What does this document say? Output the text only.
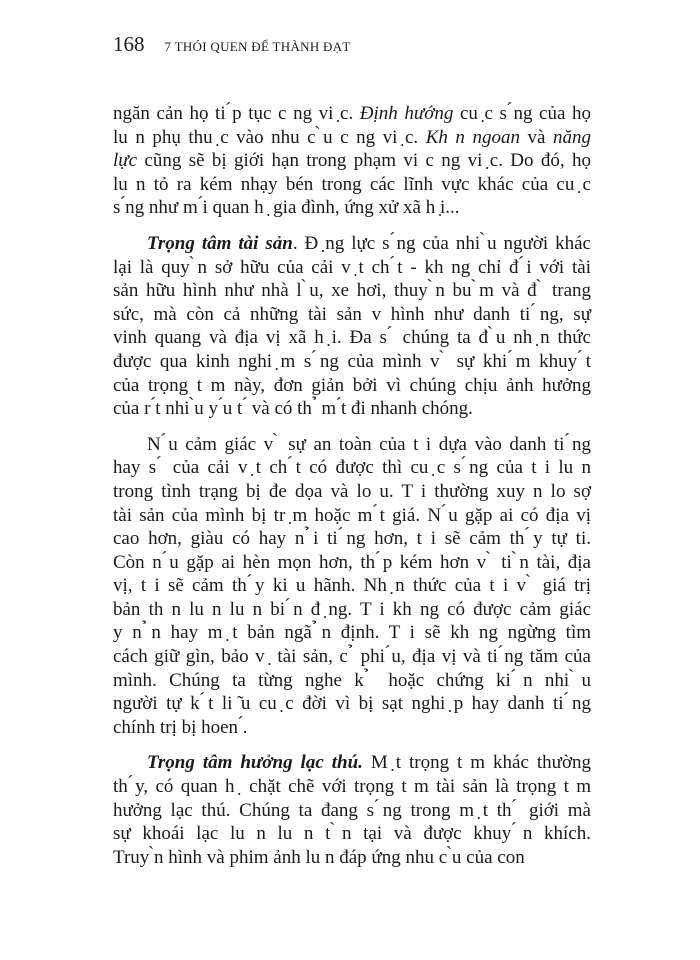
168 7 THÓI QUEN ĐỂ THÀNH ĐẠT
ngăn cản họ ti ́p tục c ng vi ̣c. Định hướng cu ̣c s ́ng của họ
lu n phụ thu ̣c vào nhu c ̀u c ng vi ̣c. Kh n ngoan và năng
lực cũng sẽ bị giới hạn trong phạm vi c ng vi ̣c. Do đó, họ
lu n tỏ ra kém nhạy bén trong các lĩnh vực khác của cu ̣c
s ́ng như m ́i quan h ̣ gia đình, ứng xử xã h ̣i...
Trọng tâm tài sản. Đ ̣ng lực s ́ng của nhi ̀u người khác
lại là quy ̀n sở hữu của cải v ̣t ch ́t - kh ng chỉ đ ́i với tài
sản hữu hình như nhà l ̀u, xe hơi, thuy ̀n bu ̀m và đ ̀ trang
sức, mà còn cả những tài sản v hình như danh ti ́ng, sự
vinh quang và địa vị xã h ̣i. Đa s ́ chúng ta đ ̀u nh ̣n thức
được qua kinh nghi ̣m s ́ng của mình v ̀ sự khi ́m khuy ́t
của trọng t m này, đơn giản bởi vì chúng chịu ảnh hưởng
của r ́t nhi ̀u y ́u t ́ và có th ̉ m ́t đi nhanh chóng.
N ́u cảm giác v ̀ sự an toàn của t i dựa vào danh ti ́ng
hay s ́ của cải v ̣t ch ́t có được thì cu ̣c s ́ng của t i lu n
trong tình trạng bị đe dọa và lo u. T i thường xuy n lo sợ
tài sản của mình bị tr ̣m hoặc m ́t giá. N ́u gặp ai có địa vị
cao hơn, giàu có hay n ̉i ti ́ng hơn, t i sẽ cảm th ́y tự ti.
Còn n ́u gặp ai hèn mọn hơn, th ́p kém hơn v ̀ ti ̀n tài, địa
vị, t i sẽ cảm th ́y ki u hãnh. Nh ̣n thức của t i v ̀ giá trị
bản th n lu n lu n bi ́n đ ̣ng. T i kh ng có được cảm giác
y n ̉n hay m ̣t bản ngã ̉n định. T i sẽ kh ng ngừng tìm
cách giữ gìn, bảo v ̣ tài sản, c ̉ phi ́u, địa vị và ti ́ng tăm của
mình. Chúng ta từng nghe k ̉ hoặc chứng ki ́n nhi ̀u
người tự k ́t li ̃u cu ̣c đời vì bị sạt nghi ̣p hay danh ti ́ng
chính trị bị hoen ́.
Trọng tâm hưởng lạc thú. M ̣t trọng t m khác thường
th ́y, có quan h ̣ chặt chẽ với trọng t m tài sản là trọng t m
hưởng lạc thú. Chúng ta đang s ́ng trong m ̣t th ́ giới mà
sự khoái lạc lu n lu n t ̀n tại và được khuy ́n khích.
Truy ̀n hình và phim ảnh lu n đáp ứng nhu c ̀u của con
